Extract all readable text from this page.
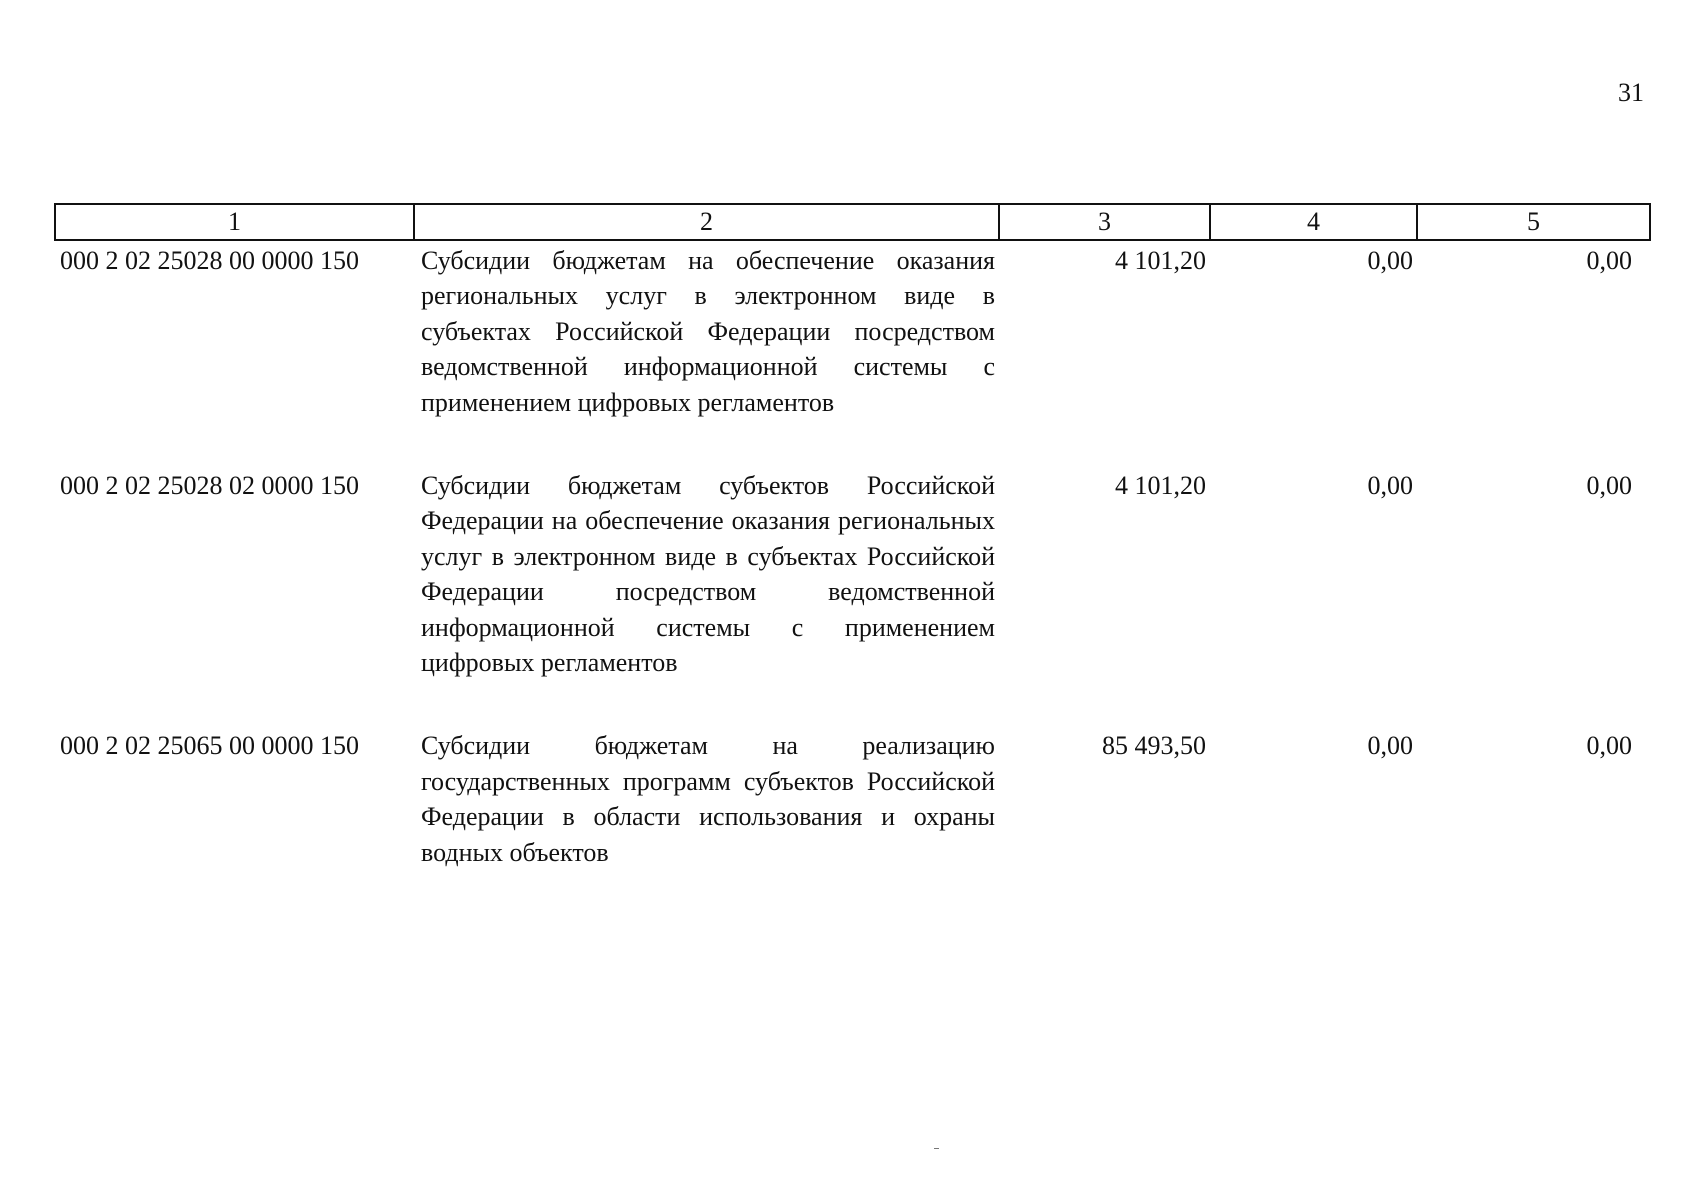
31
1	2	3	4	5
000 2 02 25028 00 0000 150	Субсидии бюджетам на обеспечение оказания региональных услуг в электронном виде в субъектах Российской Федерации посредством ведомственной информационной системы с применением цифровых регламентов	4 101,20	0,00	0,00
000 2 02 25028 02 0000 150	Субсидии бюджетам субъектов Российской Федерации на обеспечение оказания региональных услуг в электронном виде в субъектах Российской Федерации посредством ведомственной информационной системы с применением цифровых регламентов	4 101,20	0,00	0,00
000 2 02 25065 00 0000 150	Субсидии бюджетам на реализацию государственных программ субъектов Российской Федерации в области использования и охраны водных объектов	85 493,50	0,00	0,00
